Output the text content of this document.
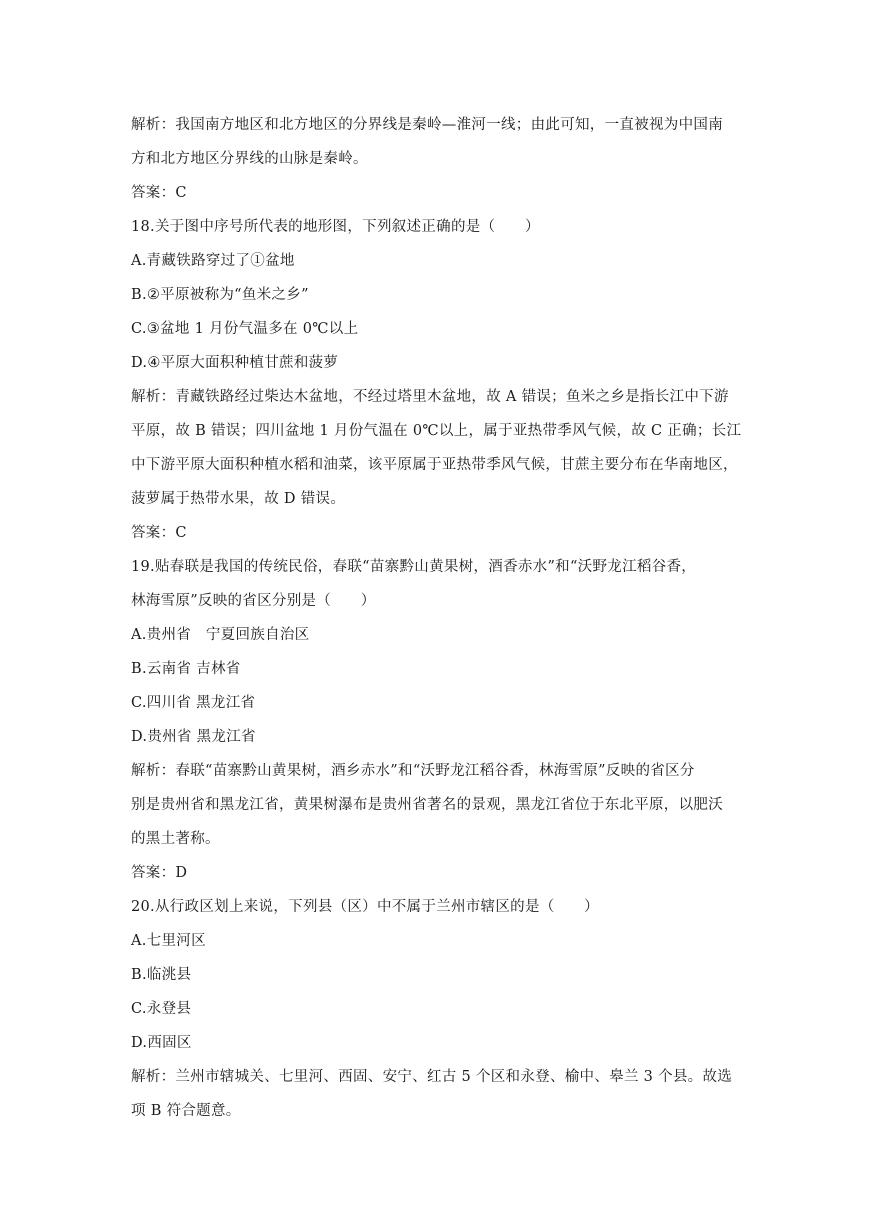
解析：我国南方地区和北方地区的分界线是秦岭—淮河一线；由此可知，一直被视为中国南
方和北方地区分界线的山脉是秦岭。
答案：C
18.关于图中序号所代表的地形图，下列叙述正确的是（　　）
A.青藏铁路穿过了①盆地
B.②平原被称为“鱼米之乡”
C.③盆地 1 月份气温多在 0℃以上
D.④平原大面积种植甘蔗和菠萝
解析：青藏铁路经过柴达木盆地，不经过塔里木盆地，故 A 错误；鱼米之乡是指长江中下游
平原，故 B 错误；四川盆地 1 月份气温在 0℃以上，属于亚热带季风气候，故 C 正确；长江
中下游平原大面积种植水稻和油菜，该平原属于亚热带季风气候，甘蔗主要分布在华南地区，
菠萝属于热带水果，故 D 错误。
答案：C
19.贴春联是我国的传统民俗，春联“苗寨黔山黄果树，酒香赤水”和“沃野龙江稻谷香，
林海雪原”反映的省区分别是（　　）
A.贵州省　宁夏回族自治区
B.云南省 吉林省
C.四川省 黑龙江省
D.贵州省 黑龙江省
解析：春联“苗寨黔山黄果树，酒乡赤水”和“沃野龙江稻谷香，林海雪原”反映的省区分
别是贵州省和黑龙江省，黄果树瀑布是贵州省著名的景观，黑龙江省位于东北平原，以肥沃
的黑土著称。
答案：D
20.从行政区划上来说，下列县（区）中不属于兰州市辖区的是（　　）
A.七里河区
B.临洮县
C.永登县
D.西固区
解析：兰州市辖城关、七里河、西固、安宁、红古 5 个区和永登、榆中、皋兰 3 个县。故选
项 B 符合题意。
